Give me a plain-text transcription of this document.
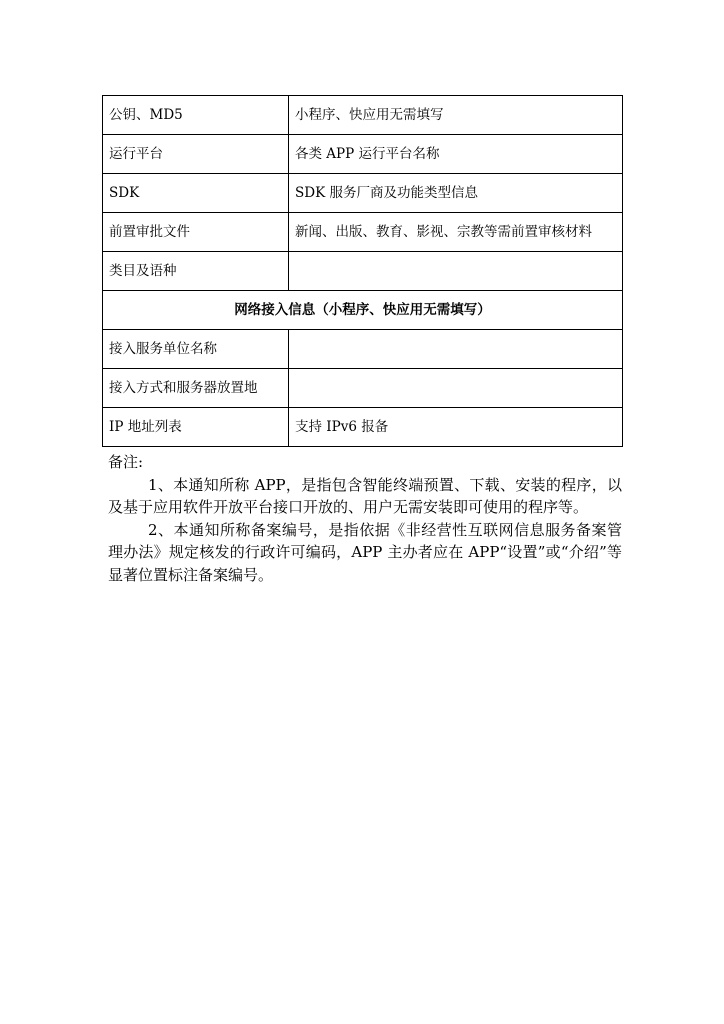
公钥、MD5	小程序、快应用无需填写
运行平台	各类 APP 运行平台名称
SDK	SDK 服务厂商及功能类型信息
前置审批文件	新闻、出版、教育、影视、宗教等需前置审核材料
类目及语种	
网络接入信息（小程序、快应用无需填写）	
接入服务单位名称	
接入方式和服务器放置地	
IP 地址列表	支持 IPv6 报备

备注:

1、本通知所称 APP，是指包含智能终端预置、下载、安装的程序，以及基于应用软件开放平台接口开放的、用户无需安装即可使用的程序等。

2、本通知所称备案编号，是指依据《非经营性互联网信息服务备案管理办法》规定核发的行政许可编码，APP 主办者应在 APP“设置”或“介绍”等显著位置标注备案编号。
